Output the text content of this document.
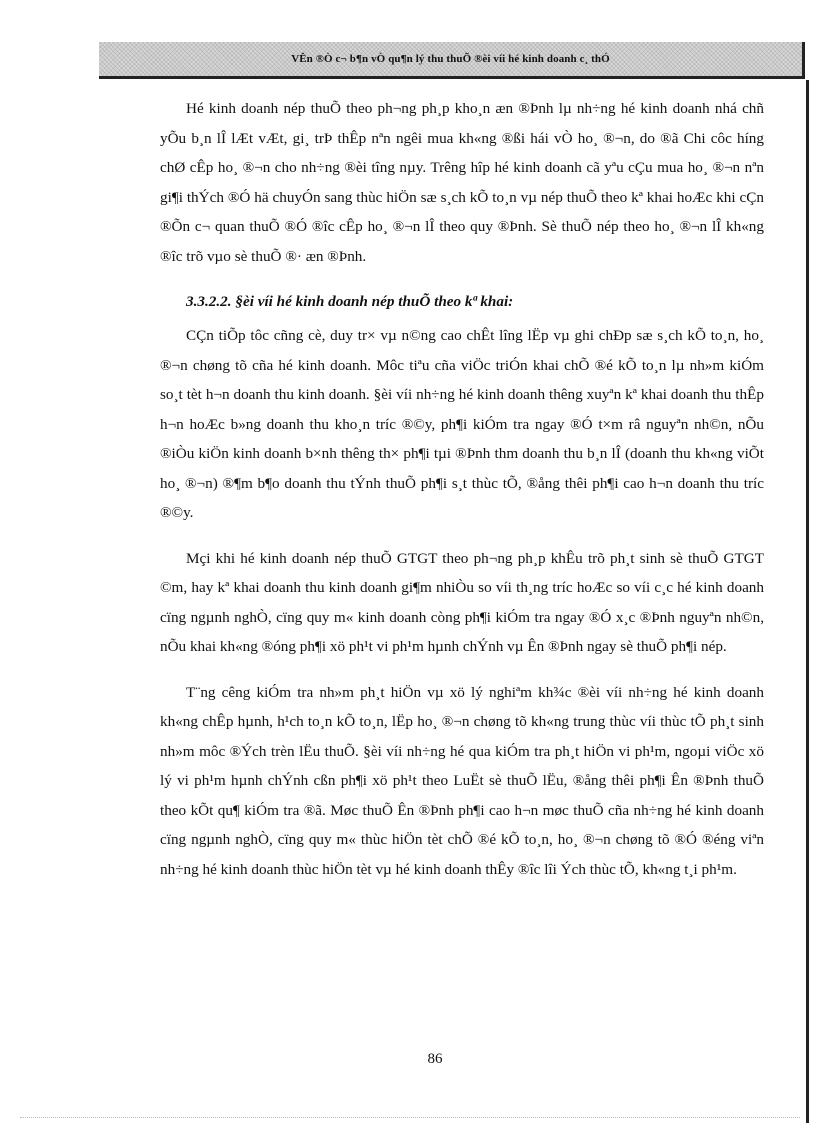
VÊn ®Ò c¬ b¶n vÒ qu¶n lý thu thuÕ ®èi víi hé kinh doanh c¸ thÓ

Hé kinh doanh nép thuÕ theo ph¬ng ph¸p kho¸n æn ®Þnh lµ nh÷ng hé kinh doanh nhá chñ yÕu b¸n lÎ lÆt vÆt, gi¸ trÞ thÊp nªn ngêi mua kh«ng ®ßi hái vÒ ho¸ ®¬n, do ®ã Chi côc híng chØ cÊp ho¸ ®¬n cho nh÷ng ®èi tîng nµy. Trêng hîp hé kinh doanh cã yªu cÇu mua ho¸ ®¬n nªn gi¶i thÝch ®Ó hä chuyÓn sang thùc hiÖn sæ s¸ch kÕ to¸n vµ nép thuÕ theo kª khai hoÆc khi cÇn ®Õn c¬ quan thuÕ ®Ó ®îc cÊp ho¸ ®¬n lÎ theo quy ®Þnh. Sè thuÕ nép theo ho¸ ®¬n lÎ kh«ng ®îc trõ vµo sè thuÕ ®· æn ®Þnh.

3.3.2.2. §èi víi hé kinh doanh nép thuÕ theo kª khai:

CÇn tiÕp tôc cñng cè, duy tr× vµ n©ng cao chÊt lîng lËp vµ ghi chÐp sæ s¸ch kÕ to¸n, ho¸ ®¬n chøng tõ cña hé kinh doanh. Môc tiªu cña viÖc triÓn khai chÕ ®é kÕ to¸n lµ nh»m kiÓm so¸t tèt h¬n doanh thu kinh doanh. §èi víi nh÷ng hé kinh doanh thêng xuyªn kª khai doanh thu thÊp h¬n hoÆc b»ng doanh thu kho¸n tríc ®©y, ph¶i kiÓm tra ngay ®Ó t×m râ nguyªn nh©n, nÕu ®iÒu kiÖn kinh doanh b×nh thêng th× ph¶i tµi ®Þnh thm doanh thu b¸n lÎ (doanh thu kh«ng viÕt ho¸ ®¬n) ®¶m b¶o doanh thu tÝnh thuÕ ph¶i s¸t thùc tÕ, ®ång thêi ph¶i cao h¬n doanh thu tríc ®©y.

Mçi khi hé kinh doanh nép thuÕ GTGT theo ph¬ng ph¸p khÊu trõ ph¸t sinh sè thuÕ GTGT ©m, hay kª khai doanh thu kinh doanh gi¶m nhiÒu so víi th¸ng tríc hoÆc so víi c¸c hé kinh doanh cïng ngµnh nghÒ, cïng quy m« kinh doanh còng ph¶i kiÓm tra ngay ®Ó x¸c ®Þnh nguyªn nh©n, nÕu khai kh«ng ®óng ph¶i xö ph¹t vi ph¹m hµnh chÝnh vµ Ên ®Þnh ngay sè thuÕ ph¶i nép.

T¨ng cêng kiÓm tra nh»m ph¸t hiÖn vµ xö lý nghiªm kh¾c ®èi víi nh÷ng hé kinh doanh kh«ng chÊp hµnh, h¹ch to¸n kÕ to¸n, lËp ho¸ ®¬n chøng tõ kh«ng trung thùc víi thùc tÕ ph¸t sinh nh»m môc ®Ých trèn lËu thuÕ. §èi víi nh÷ng hé qua kiÓm tra ph¸t hiÖn vi ph¹m, ngoµi viÖc xö lý vi ph¹m hµnh chÝnh cßn ph¶i xö ph¹t theo LuËt sè thuÕ lËu, ®ång thêi ph¶i Ên ®Þnh thuÕ theo kÕt qu¶ kiÓm tra ®ã. Møc thuÕ Ên ®Þnh ph¶i cao h¬n møc thuÕ cña nh÷ng hé kinh doanh cïng ngµnh nghÒ, cïng quy m« thùc hiÖn tèt chÕ ®é kÕ to¸n, ho¸ ®¬n chøng tõ ®Ó ®éng viªn nh÷ng hé kinh doanh thùc hiÖn tèt vµ hé kinh doanh thÊy ®îc lîi Ých thùc tÕ, kh«ng t¸i ph¹m.

86
